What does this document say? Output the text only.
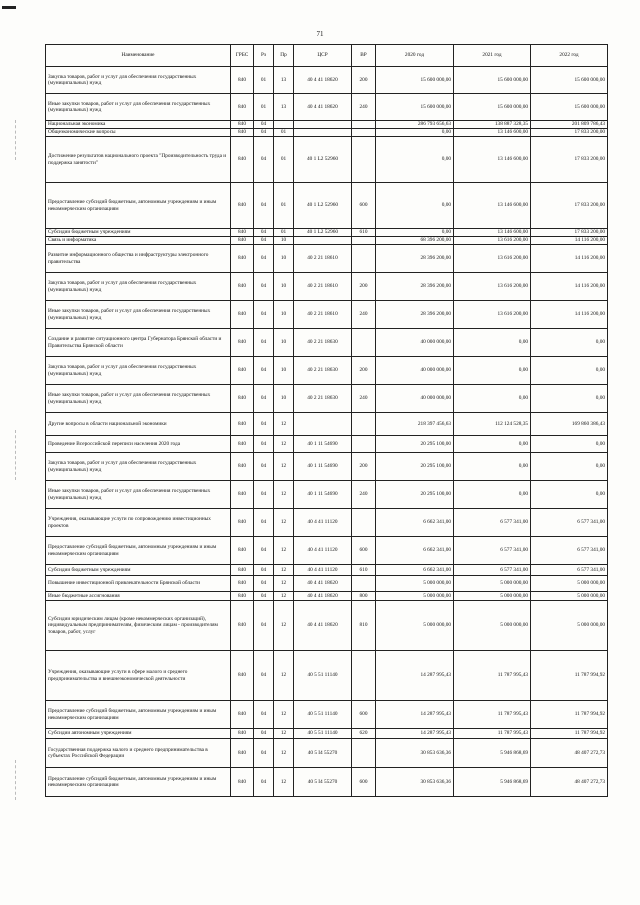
71
Наименование	ГРБС	Рз	Пр	ЦСР	ВР	2020 год	2021 год	2022 год
Закупка товаров, работ и услуг для обеспечения государственных (муниципальных) нужд	840	01	13	40 4 41 18620	200	15 600 000,00	15 600 000,00	15 600 000,00
Иные закупки товаров, работ и услуг для обеспечения государственных (муниципальных) нужд	840	01	13	40 4 41 18620	240	15 600 000,00	15 600 000,00	15 600 000,00
Национальная экономика	840	04				286 793 656,63	138 887 328,35	201 809 786,43
Общеэкономические вопросы	840	04	01			0,00	13 146 600,00	17 833 200,00
Достижение результатов национального проекта "Производительность труда и поддержка занятости"	840	04	01	40 1 L2 52960		0,00	13 146 600,00	17 833 200,00
Предоставление субсидий бюджетным, автономным учреждениям и иным некоммерческим организациям	840	04	01	40 1 L2 52960	600	0,00	13 146 600,00	17 833 200,00
Субсидии бюджетным учреждениям	840	04	01	40 1 L2 52960	610	0,00	13 146 600,00	17 833 200,00
Связь и информатика	840	04	10			68 396 200,00	13 616 200,00	14 116 200,00
Развитие информационного общества и инфраструктуры электронного правительства	840	04	10	40 2 21 18610		28 396 200,00	13 616 200,00	14 116 200,00
Закупка товаров, работ и услуг для обеспечения государственных (муниципальных) нужд	840	04	10	40 2 21 18610	200	28 396 200,00	13 616 200,00	14 116 200,00
Иные закупки товаров, работ и услуг для обеспечения государственных (муниципальных) нужд	840	04	10	40 2 21 18610	240	28 396 200,00	13 616 200,00	14 116 200,00
Создание и развитие ситуационного центра Губернатора Брянской области и Правительства Брянской области	840	04	10	40 2 21 18630		40 000 000,00	0,00	0,00
Закупка товаров, работ и услуг для обеспечения государственных (муниципальных) нужд	840	04	10	40 2 21 18630	200	40 000 000,00	0,00	0,00
Иные закупки товаров, работ и услуг для обеспечения государственных (муниципальных) нужд	840	04	10	40 2 21 18630	240	40 000 000,00	0,00	0,00
Другие вопросы в области национальной экономики	840	04	12			218 397 456,63	112 124 528,35	169 860 386,43
Проведение Всероссийской переписи населения 2020 года	840	04	12	40 1 11 54690		20 295 100,00	0,00	0,00
Закупка товаров, работ и услуг для обеспечения государственных (муниципальных) нужд	840	04	12	40 1 11 54690	200	20 295 100,00	0,00	0,00
Иные закупки товаров, работ и услуг для обеспечения государственных (муниципальных) нужд	840	04	12	40 1 11 54690	240	20 295 100,00	0,00	0,00
Учреждения, оказывающие услуги по сопровождению инвестиционных проектов	840	04	12	40 4 41 11120		6 662 341,00	6 577 341,00	6 577 341,00
Предоставление субсидий бюджетным, автономным учреждениям и иным некоммерческим организациям	840	04	12	40 4 41 11120	600	6 662 341,00	6 577 341,00	6 577 341,00
Субсидии бюджетным учреждениям	840	04	12	40 4 41 11120	610	6 662 341,00	6 577 341,00	6 577 341,00
Повышение инвестиционной привлекательности Брянской области	840	04	12	40 4 41 18620		5 000 000,00	5 000 000,00	5 000 000,00
Иные бюджетные ассигнования	840	04	12	40 4 41 18620	800	5 000 000,00	5 000 000,00	5 000 000,00
Субсидии юридическим лицам (кроме некоммерческих организаций), индивидуальным предпринимателям, физическим лицам - производителям товаров, работ, услуг	840	04	12	40 4 41 18620	810	5 000 000,00	5 000 000,00	5 000 000,00
Учреждения, оказывающие услуги в сфере малого и среднего предпринимательства и внешнеэкономической деятельности	840	04	12	40 5 51 11140		14 287 995,43	11 787 995,43	11 787 994,92
Предоставление субсидий бюджетным, автономным учреждениям и иным некоммерческим организациям	840	04	12	40 5 51 11140	600	14 287 995,43	11 787 995,43	11 787 994,92
Субсидии автономным учреждениям	840	04	12	40 5 51 11140	620	14 287 995,43	11 787 995,43	11 787 994,92
Государственная поддержка малого и среднего предпринимательства в субъектах Российской Федерации	840	04	12	40 5 I4 55270		30 853 636,36	5 946 868,69	48 407 272,73
Предоставление субсидий бюджетным, автономным учреждениям и иным некоммерческим организациям	840	04	12	40 5 I4 55270	600	30 853 636,36	5 946 868,69	48 407 272,73
